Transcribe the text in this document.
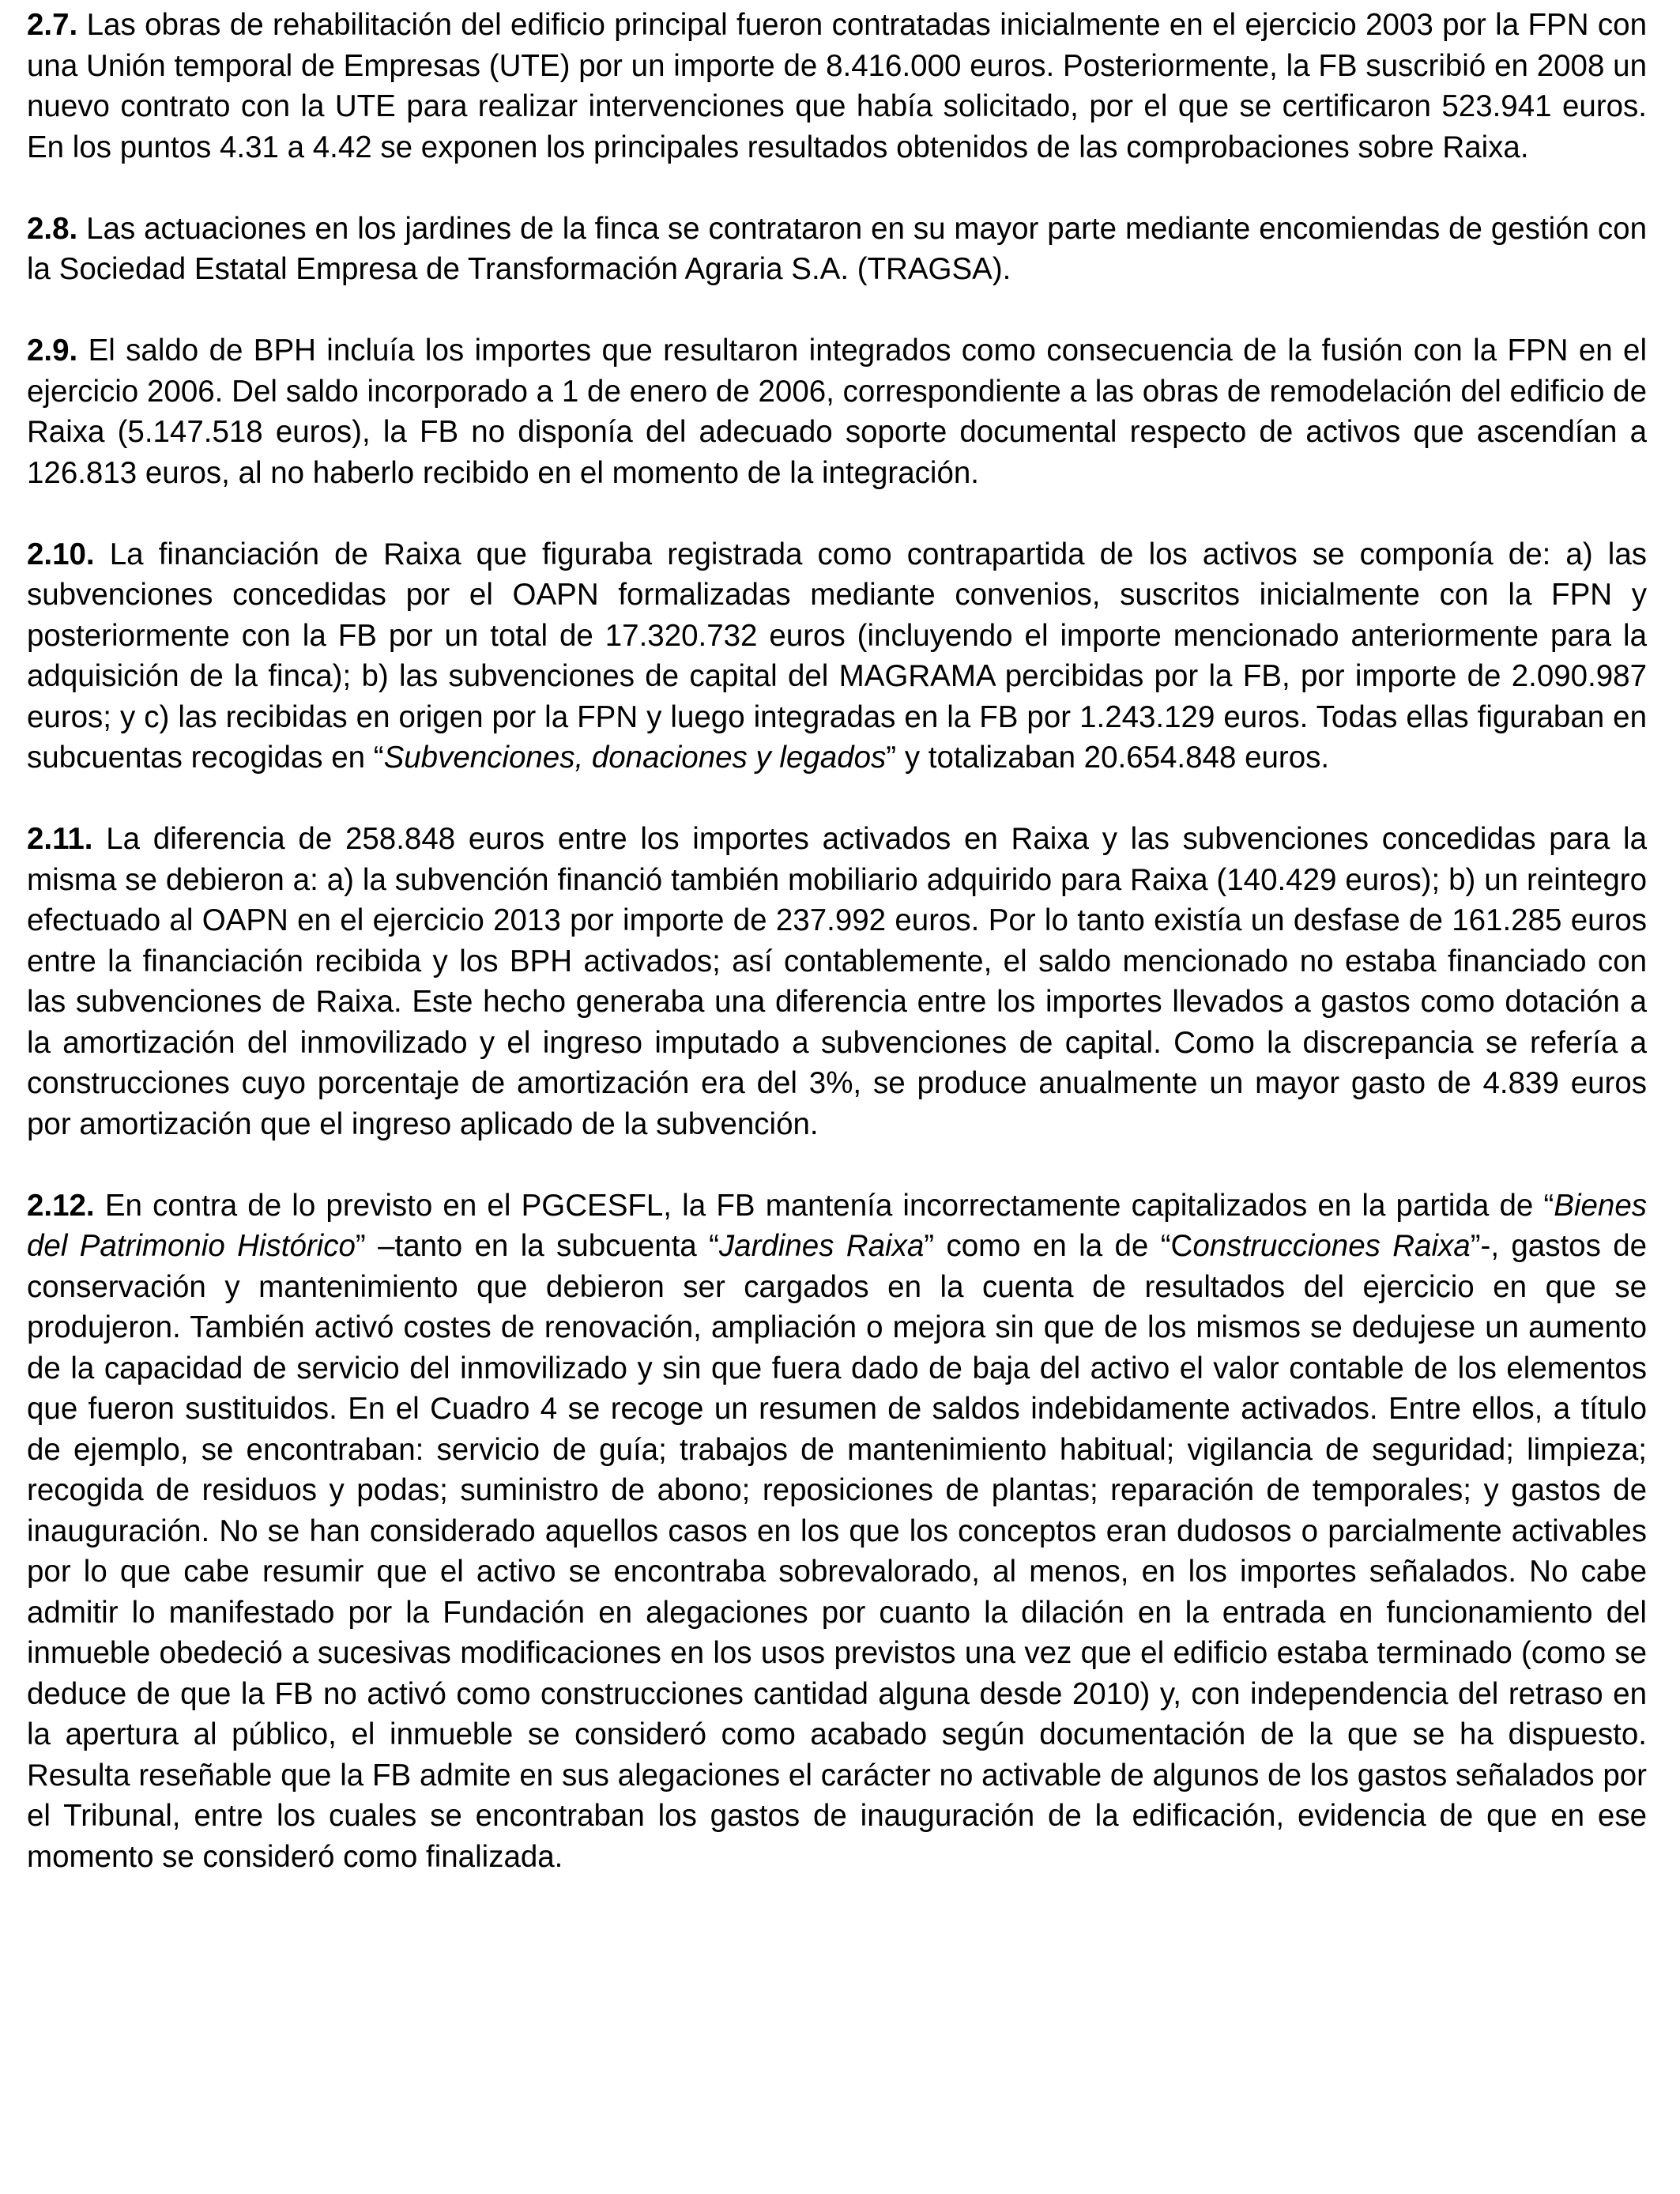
2.7. Las obras de rehabilitación del edificio principal fueron contratadas inicialmente en el ejercicio 2003 por la FPN con una Unión temporal de Empresas (UTE) por un importe de 8.416.000 euros. Posteriormente, la FB suscribió en 2008 un nuevo contrato con la UTE para realizar intervenciones que había solicitado, por el que se certificaron 523.941 euros. En los puntos 4.31 a 4.42 se exponen los principales resultados obtenidos de las comprobaciones sobre Raixa.

2.8. Las actuaciones en los jardines de la finca se contrataron en su mayor parte mediante encomiendas de gestión con la Sociedad Estatal Empresa de Transformación Agraria S.A. (TRAGSA).

2.9. El saldo de BPH incluía los importes que resultaron integrados como consecuencia de la fusión con la FPN en el ejercicio 2006. Del saldo incorporado a 1 de enero de 2006, correspondiente a las obras de remodelación del edificio de Raixa (5.147.518 euros), la FB no disponía del adecuado soporte documental respecto de activos que ascendían a 126.813 euros, al no haberlo recibido en el momento de la integración.

2.10. La financiación de Raixa que figuraba registrada como contrapartida de los activos se componía de: a) las subvenciones concedidas por el OAPN formalizadas mediante convenios, suscritos inicialmente con la FPN y posteriormente con la FB por un total de 17.320.732 euros (incluyendo el importe mencionado anteriormente para la adquisición de la finca); b) las subvenciones de capital del MAGRAMA percibidas por la FB, por importe de 2.090.987 euros; y c) las recibidas en origen por la FPN y luego integradas en la FB por 1.243.129 euros. Todas ellas figuraban en subcuentas recogidas en “Subvenciones, donaciones y legados” y totalizaban 20.654.848 euros.

2.11. La diferencia de 258.848 euros entre los importes activados en Raixa y las subvenciones concedidas para la misma se debieron a: a) la subvención financió también mobiliario adquirido para Raixa (140.429 euros); b) un reintegro efectuado al OAPN en el ejercicio 2013 por importe de 237.992 euros. Por lo tanto existía un desfase de 161.285 euros entre la financiación recibida y los BPH activados; así contablemente, el saldo mencionado no estaba financiado con las subvenciones de Raixa. Este hecho generaba una diferencia entre los importes llevados a gastos como dotación a la amortización del inmovilizado y el ingreso imputado a subvenciones de capital. Como la discrepancia se refería a construcciones cuyo porcentaje de amortización era del 3%, se produce anualmente un mayor gasto de 4.839 euros por amortización que el ingreso aplicado de la subvención.

2.12. En contra de lo previsto en el PGCESFL, la FB mantenía incorrectamente capitalizados en la partida de “Bienes del Patrimonio Histórico” –tanto en la subcuenta “Jardines Raixa” como en la de “Construcciones Raixa”-, gastos de conservación y mantenimiento que debieron ser cargados en la cuenta de resultados del ejercicio en que se produjeron. También activó costes de renovación, ampliación o mejora sin que de los mismos se dedujese un aumento de la capacidad de servicio del inmovilizado y sin que fuera dado de baja del activo el valor contable de los elementos que fueron sustituidos. En el Cuadro 4 se recoge un resumen de saldos indebidamente activados. Entre ellos, a título de ejemplo, se encontraban: servicio de guía; trabajos de mantenimiento habitual; vigilancia de seguridad; limpieza; recogida de residuos y podas; suministro de abono; reposiciones de plantas; reparación de temporales; y gastos de inauguración. No se han considerado aquellos casos en los que los conceptos eran dudosos o parcialmente activables por lo que cabe resumir que el activo se encontraba sobrevalorado, al menos, en los importes señalados. No cabe admitir lo manifestado por la Fundación en alegaciones por cuanto la dilación en la entrada en funcionamiento del inmueble obedeció a sucesivas modificaciones en los usos previstos una vez que el edificio estaba terminado (como se deduce de que la FB no activó como construcciones cantidad alguna desde 2010) y, con independencia del retraso en la apertura al público, el inmueble se consideró como acabado según documentación de la que se ha dispuesto. Resulta reseñable que la FB admite en sus alegaciones el carácter no activable de algunos de los gastos señalados por el Tribunal, entre los cuales se encontraban los gastos de inauguración de la edificación, evidencia de que en ese momento se consideró como finalizada.
